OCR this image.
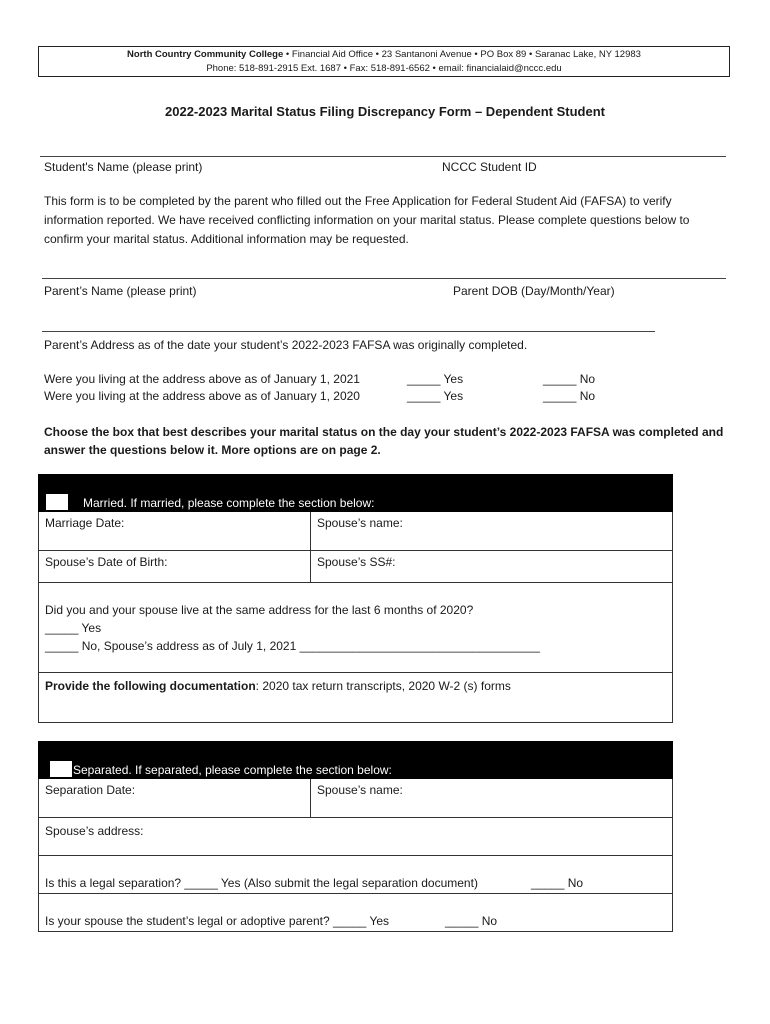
North Country Community College • Financial Aid Office • 23 Santanoni Avenue • PO Box 89 • Saranac Lake, NY 12983
Phone: 518-891-2915 Ext. 1687 • Fax: 518-891-6562 • email: financialaid@nccc.edu
2022-2023 Marital Status Filing Discrepancy Form – Dependent Student
Student's Name (please print)	NCCC Student ID
This form is to be completed by the parent who filled out the Free Application for Federal Student Aid (FAFSA) to verify information reported. We have received conflicting information on your marital status. Please complete questions below to confirm your marital status. Additional information may be requested.
Parent’s Name (please print)	Parent DOB (Day/Month/Year)
Parent’s Address as of the date your student’s 2022-2023 FAFSA was originally completed.
Were you living at the address above as of January 1, 2021	_____ Yes	_____ No
Were you living at the address above as of January 1, 2020	_____ Yes	_____ No
Choose the box that best describes your marital status on the day your student’s 2022-2023 FAFSA was completed and answer the questions below it. More options are on page 2.
Married. If married, please complete the section below:
Marriage Date:	Spouse’s name:
Spouse’s Date of Birth:	Spouse’s SS#:
Did you and your spouse live at the same address for the last 6 months of 2020?
_____ Yes
_____ No, Spouse’s address as of July 1, 2021 ____________________________________
Provide the following documentation: 2020 tax return transcripts, 2020 W-2 (s) forms
Separated. If separated, please complete the section below:
Separation Date:	Spouse’s name:
Spouse’s address:
Is this a legal separation? _____ Yes (Also submit the legal separation document)	_____ No
Is your spouse the student’s legal or adoptive parent? _____ Yes	_____ No
